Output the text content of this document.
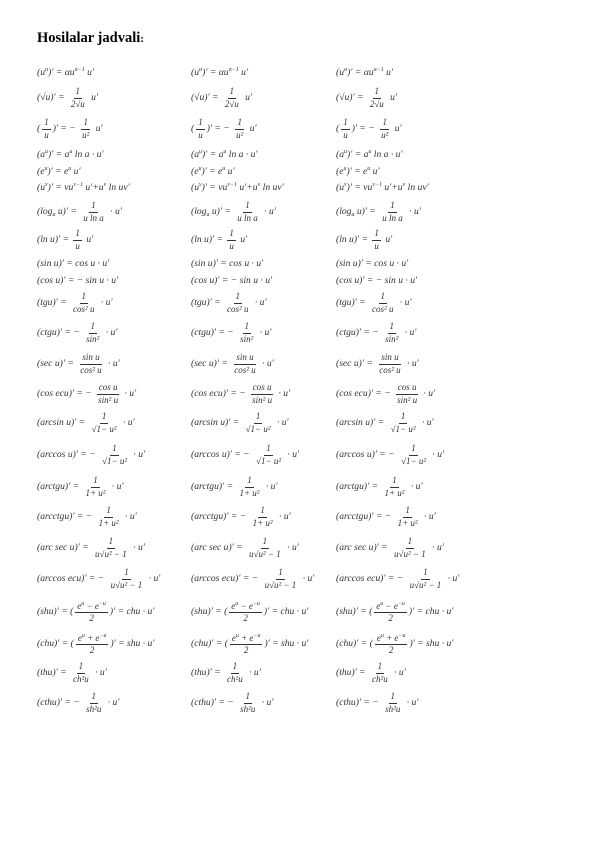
Hosilalar jadvali:
($u^\alpha$ )′ = $\alpha u^{\alpha-1}$ u′
$(√u)' = \frac{1}{2√u} u'$
( $\frac{1}{u}$ )′ = − $\frac{1}{\text{u²}} u'$
($a^u$ )′ = $a^u$ ln a · u′
($e^u$ )′ = $e^u$ u′
($u^v$ )′ = $vu^{v-1}$ $u'+u^v$ ln uv′
($\log_a$ $u)' = \frac{1}{\text{u ln a}} \cdot u'$
(ln $u)' = \frac{1}{u} u'$
(sin u)′ = cos u · u′
(cos u)′ = − sin u · u′
$(tgu)' = \frac{1}{\text{cos² u}} \cdot u'$
(ctgu)′ = − $\frac{1}{\text{sin²}} \cdot u'$
(sec $u)' = \frac{\text{sin u}}{\text{cos² u}} \cdot u'$
(cos ecu)′ = − $\frac{\text{cos u}}{\text{sin² u}} \cdot u'$
(arcsin $u)' = \frac{1}{\text{√1− u²}} \cdot u'$
(arccos u)′ = − $\frac{1}{\text{√1− u²}} \cdot u'$
(arctgu)′ = $\frac{1}{\text{1+ u²}} \cdot u'$
(arcctgu)′ = − $\frac{1}{\text{1+ u²}} \cdot u'$
(arc $\sec u)' = \frac{1}{\text{u√u² − 1}} \cdot u'$
(arccos ecu)′ = − $\frac{1}{\text{u√u² − 1}} \cdot u'$
(shu)′ = ( $\frac{e^u - e^{-u}}{2}$ )′ = chu · u′
(chu)′ = ( $\frac{e^u + e^{-u}}{2}$ )′ = shu · u′
$(thu)' = \frac{1}{\text{ch²u}} \cdot u'$
(cthu)′ = − $\frac{1}{\text{sh²u}} \cdot u'$
($u^\alpha$ )′ = $\alpha u^{\alpha-1}$ u′
$(√u)' = \frac{1}{2√u} u'$
( $\frac{1}{u}$ )′ = − $\frac{1}{\text{u²}} u'$
($a^u$ )′ = $a^u$ ln a · u′
($e^u$ )′ = $e^u$ u′
($u^v$ )′ = $vu^{v-1}$ $u'+u^v$ ln uv′
($\log_a$ $u)' = \frac{1}{\text{u ln a}} \cdot u'$
(ln $u)' = \frac{1}{u} u'$
(sin u)′ = cos u · u′
(cos u)′ = − sin u · u′
$(tgu)' = \frac{1}{\text{cos² u}} \cdot u'$
(ctgu)′ = − $\frac{1}{\text{sin²}} \cdot u'$
(sec $u)' = \frac{\text{sin u}}{\text{cos² u}} \cdot u'$
(cos ecu)′ = − $\frac{\text{cos u}}{\text{sin² u}} \cdot u'$
(arcsin $u)' = \frac{1}{\text{√1− u²}} \cdot u'$
(arccos u)′ = − $\frac{1}{\text{√1− u²}} \cdot u'$
(arctgu)′ = $\frac{1}{\text{1+ u²}} \cdot u'$
(arcctgu)′ = − $\frac{1}{\text{1+ u²}} \cdot u'$
(arc $\sec u)' = \frac{1}{\text{u√u² − 1}} \cdot u'$
(arccos ecu)′ = − $\frac{1}{\text{u√u² − 1}} \cdot u'$
(shu)′ = ( $\frac{e^u - e^{-u}}{2}$ )′ = chu · u′
(chu)′ = ( $\frac{e^u + e^{-u}}{2}$ )′ = shu · u′
$(thu)' = \frac{1}{\text{ch²u}} \cdot u'$
(cthu)′ = − $\frac{1}{\text{sh²u}} \cdot u'$
($u^\alpha$ )′ = $\alpha u^{\alpha-1}$ u′
$(√u)' = \frac{1}{2√u} u'$
( $\frac{1}{u}$ )′ = − $\frac{1}{\text{u²}} u'$
($a^u$ )′ = $a^u$ ln a · u′
($e^u$ )′ = $e^u$ u′
($u^v$ )′ = $vu^{v-1}$ $u'+u^v$ ln uv′
($\log_a$ $u)' = \frac{1}{\text{u ln a}} \cdot u'$
(ln $u)' = \frac{1}{u} u'$
(sin u)′ = cos u · u′
(cos u)′ = − sin u · u′
$(tgu)' = \frac{1}{\text{cos² u}} \cdot u'$
(ctgu)′ = − $\frac{1}{\text{sin²}} \cdot u'$
(sec $u)' = \frac{\text{sin u}}{\text{cos² u}} \cdot u'$
(cos ecu)′ = − $\frac{\text{cos u}}{\text{sin² u}} \cdot u'$
(arcsin $u)' = \frac{1}{\text{√1− u²}} \cdot u'$
(arccos u)′ = − $\frac{1}{\text{√1− u²}} \cdot u'$
(arctgu)′ = $\frac{1}{\text{1+ u²}} \cdot u'$
(arcctgu)′ = − $\frac{1}{\text{1+ u²}} \cdot u'$
(arc $\sec u)' = \frac{1}{\text{u√u² − 1}} \cdot u'$
(arccos ecu)′ = − $\frac{1}{\text{u√u² − 1}} \cdot u'$
(shu)′ = ( $\frac{e^u - e^{-u}}{2}$ )′ = chu · u′
(chu)′ = ( $\frac{e^u + e^{-u}}{2}$ )′ = shu · u′
$(thu)' = \frac{1}{\text{ch²u}} \cdot u'$
(cthu)′ = − $\frac{1}{\text{sh²u}} \cdot u'$
